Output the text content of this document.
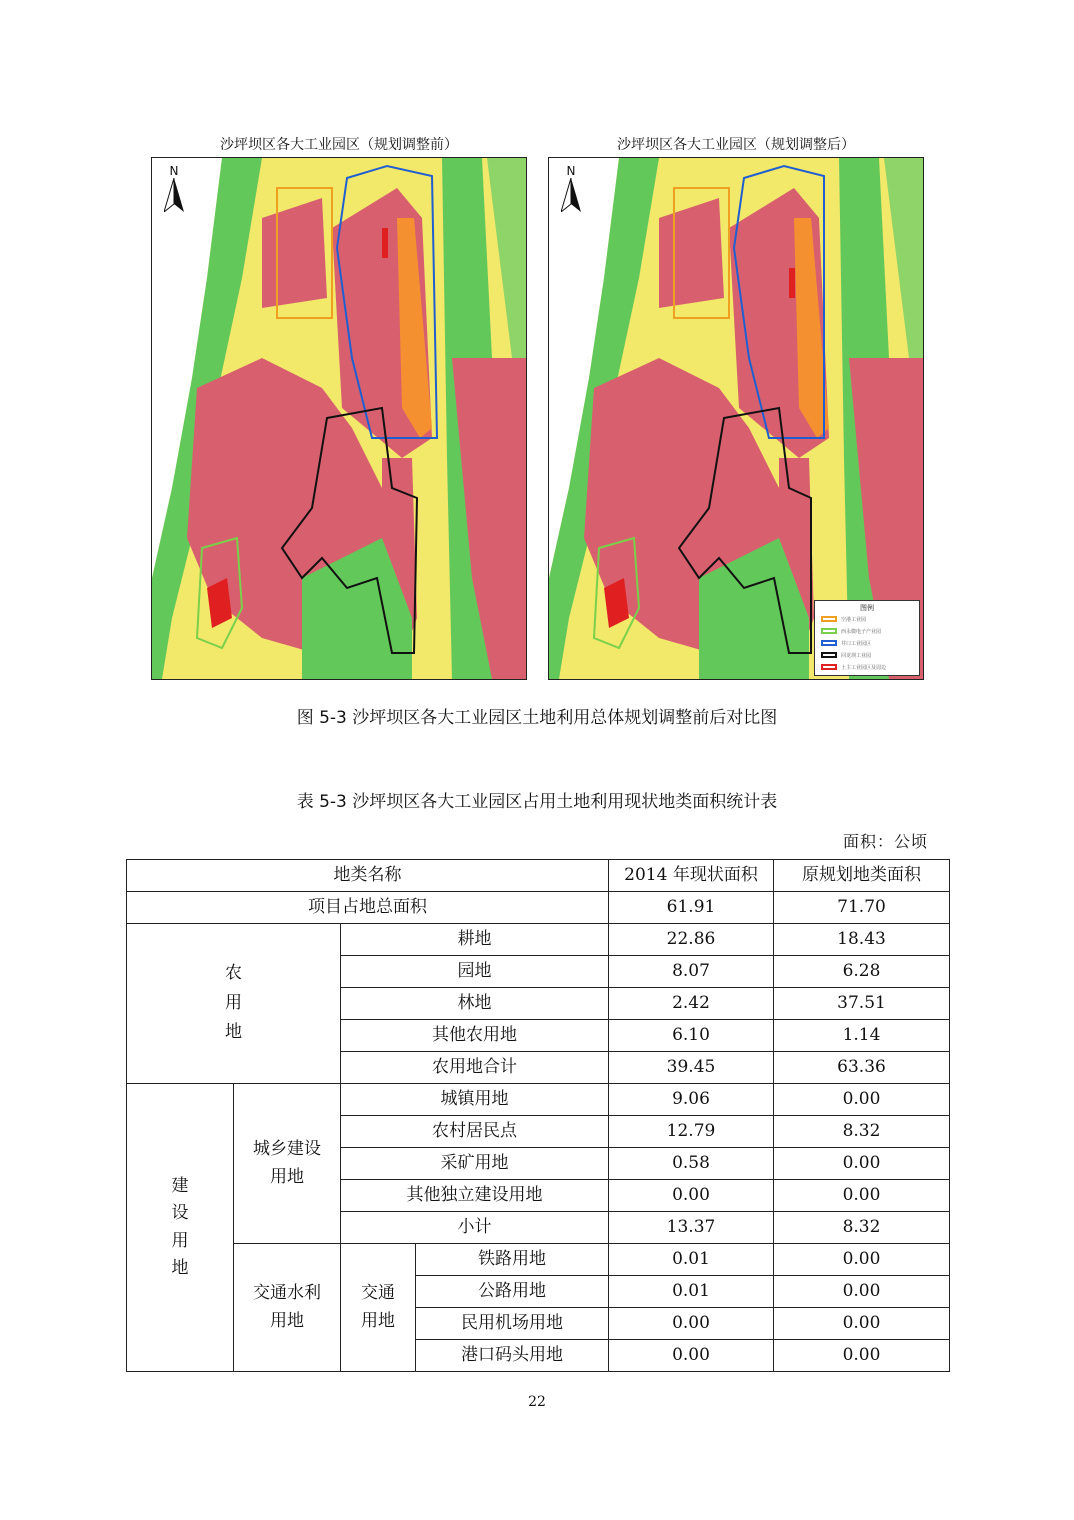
沙坪坝区各大工业园区（规划调整前）	沙坪坝区各大工业园区（规划调整后）
N	N
图例
空港工业园
西永微电子产业园
井口工业园区
回龙坝工业园
土主工业园区及周边
图 5-3 沙坪坝区各大工业园区土地利用总体规划调整前后对比图
表 5-3 沙坪坝区各大工业园区占用土地利用现状地类面积统计表
面积：公顷
地类名称				2014 年现状面积	原规划地类面积
项目占地总面积				61.91	71.70

农用地		耕地		22.86	18.43
		园地		8.07	6.28
		林地		2.42	37.51
		其他农用地		6.10	1.14
		农用地合计		39.45	63.36

建设用地	城乡建设用地	城镇用地		9.06	0.00
		农村居民点		12.79	8.32
		采矿用地		0.58	0.00
		其他独立建设用地		0.00	0.00
		小计		13.37	8.32

	交通水利用地	交通用地	铁路用地	0.01	0.00
			公路用地	0.01	0.00
			民用机场用地	0.00	0.00
			港口码头用地	0.00	0.00
22
